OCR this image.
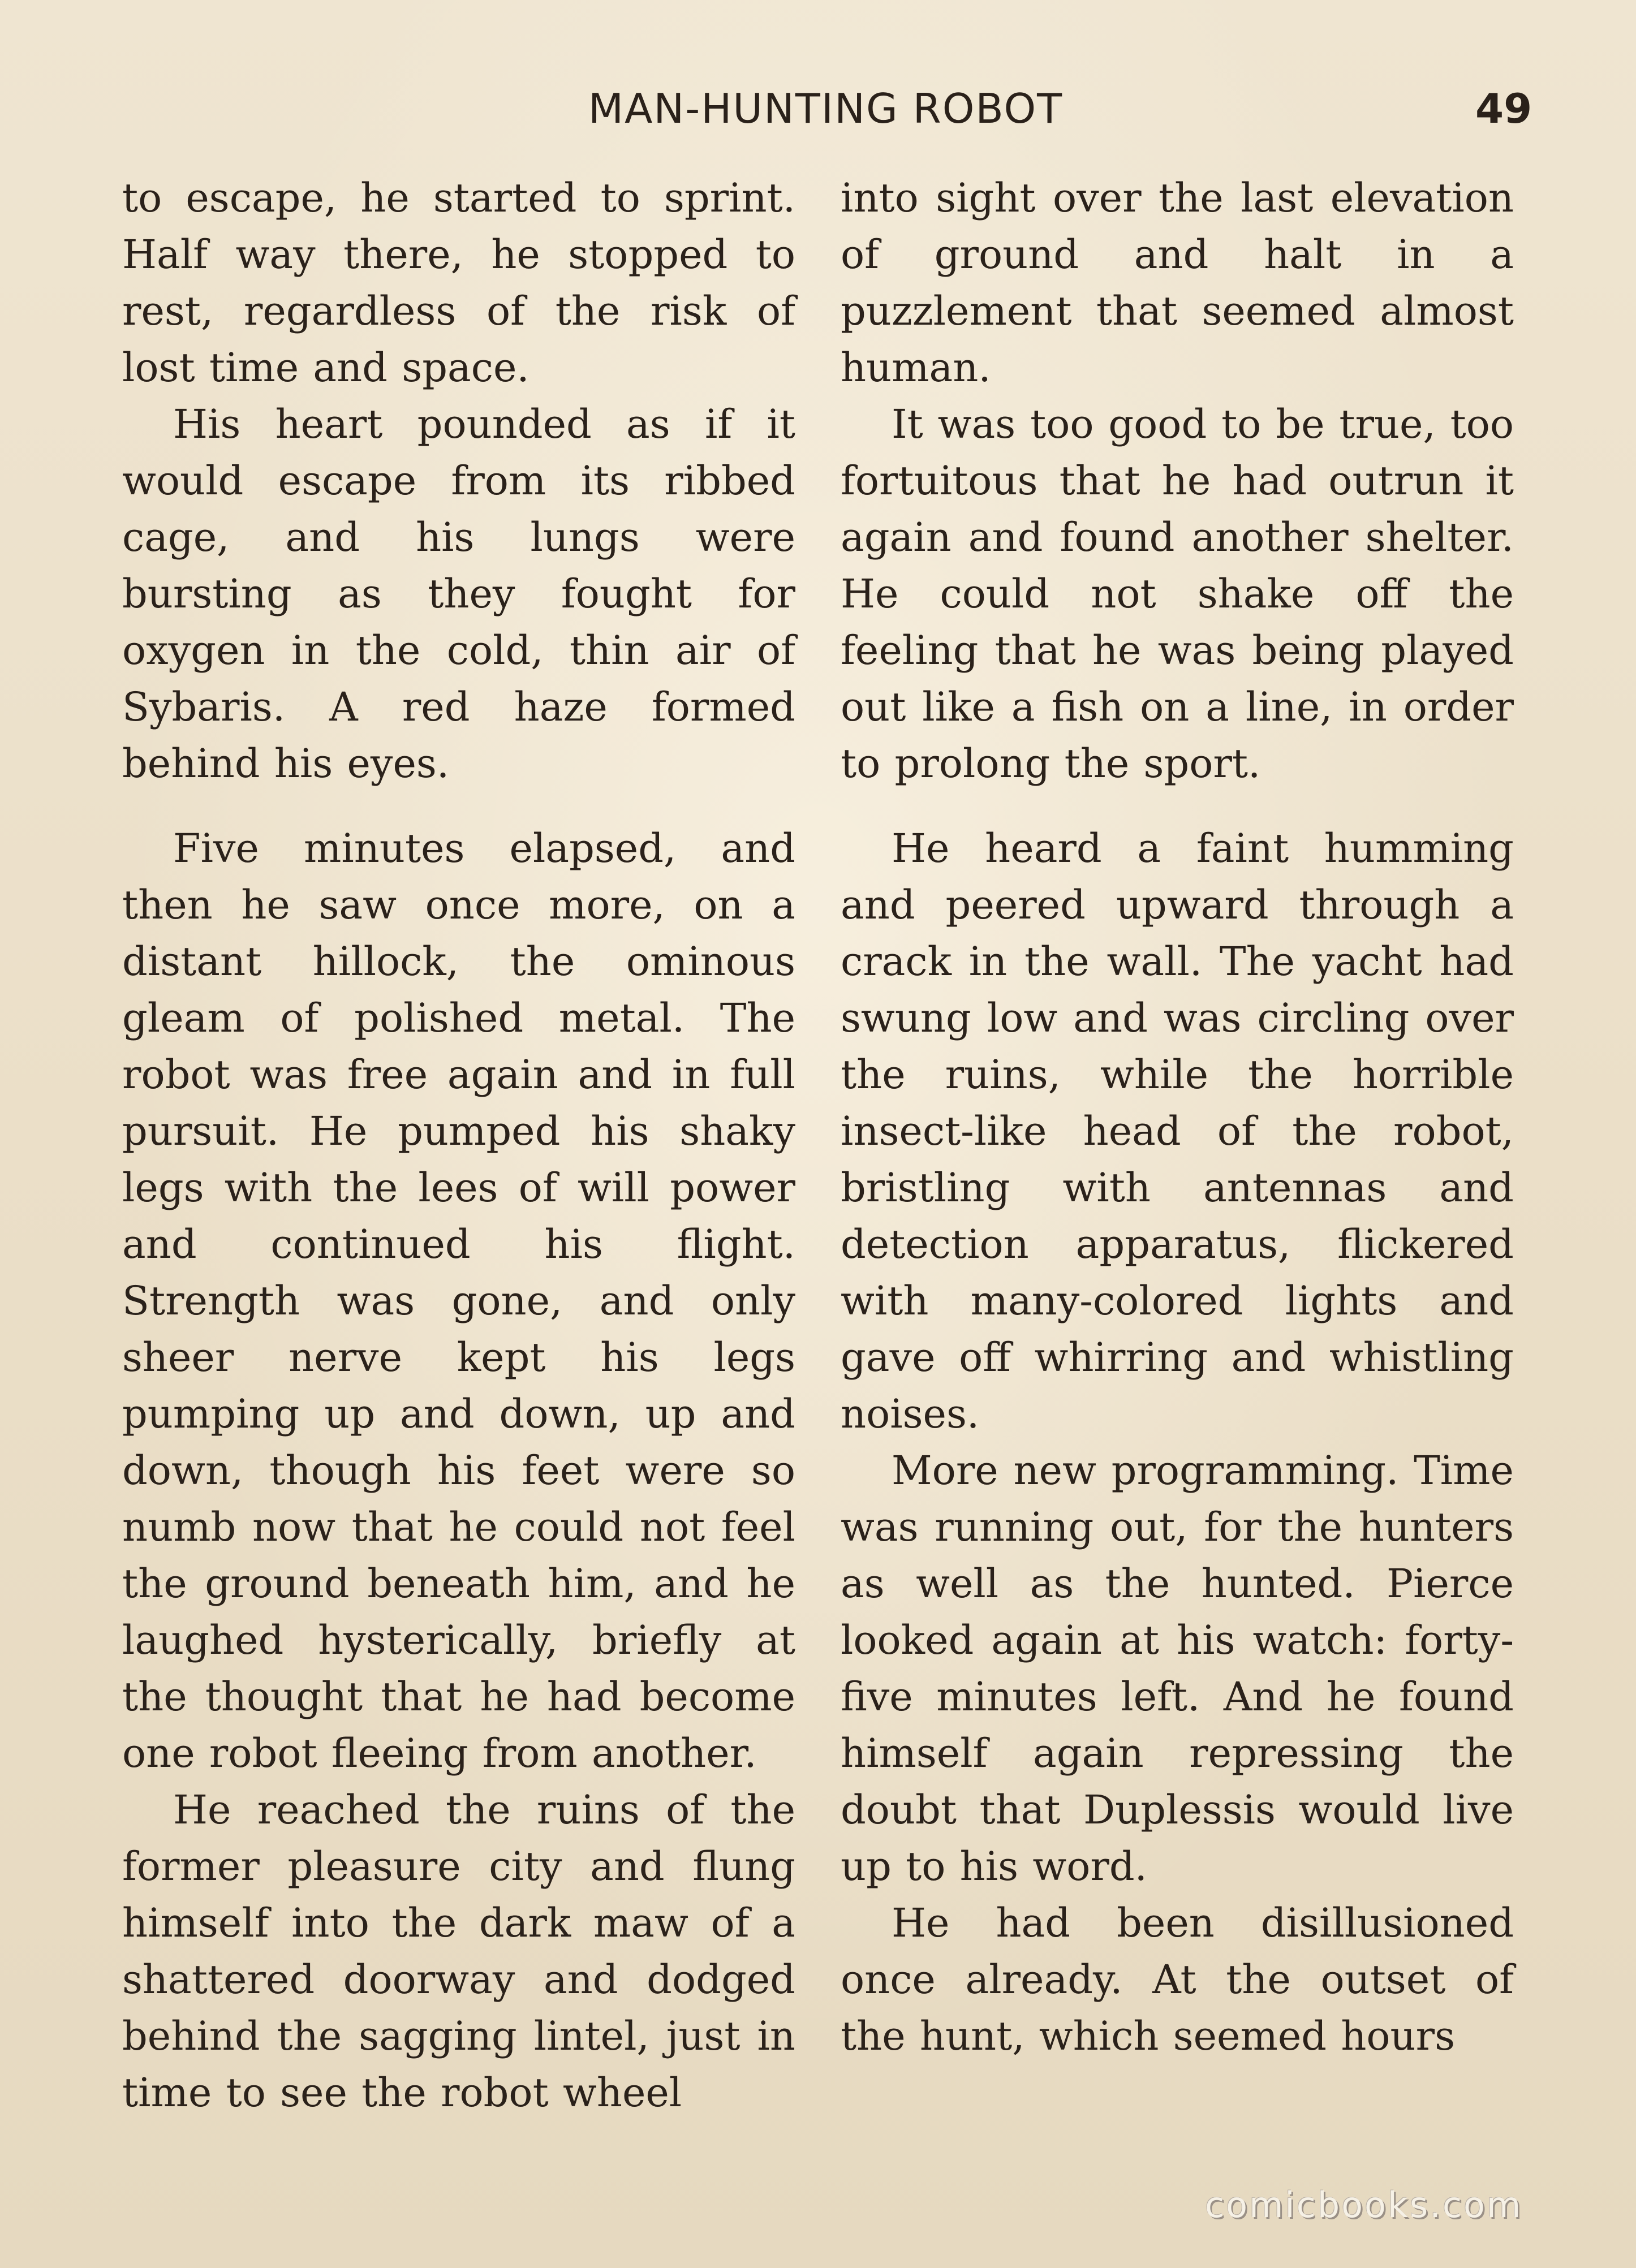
MAN-HUNTING ROBOT	49

to escape, he started to sprint. Half way there, he stopped to rest, regardless of the risk of lost time and space.

His heart pounded as if it would escape from its ribbed cage, and his lungs were bursting as they fought for oxygen in the cold, thin air of Sybaris. A red haze formed behind his eyes.

Five minutes elapsed, and then he saw once more, on a distant hillock, the ominous gleam of polished metal. The robot was free again and in full pursuit. He pumped his shaky legs with the lees of will power and continued his flight. Strength was gone, and only sheer nerve kept his legs pumping up and down, up and down, though his feet were so numb now that he could not feel the ground beneath him, and he laughed hysterically, briefly at the thought that he had become one robot fleeing from another.

He reached the ruins of the former pleasure city and flung himself into the dark maw of a shattered doorway and dodged behind the sagging lintel, just in time to see the robot wheel

into sight over the last elevation of ground and halt in a puzzlement that seemed almost human.

It was too good to be true, too fortuitous that he had outrun it again and found another shelter. He could not shake off the feeling that he was being played out like a fish on a line, in order to prolong the sport.

He heard a faint humming and peered upward through a crack in the wall. The yacht had swung low and was circling over the ruins, while the horrible insect-like head of the robot, bristling with antennas and detection apparatus, flickered with many-colored lights and gave off whirring and whistling noises.

More new programming. Time was running out, for the hunters as well as the hunted. Pierce looked again at his watch: forty-five minutes left. And he found himself again repressing the doubt that Duplessis would live up to his word.

He had been disillusioned once already. At the outset of the hunt, which seemed hours

comicbooks.com
